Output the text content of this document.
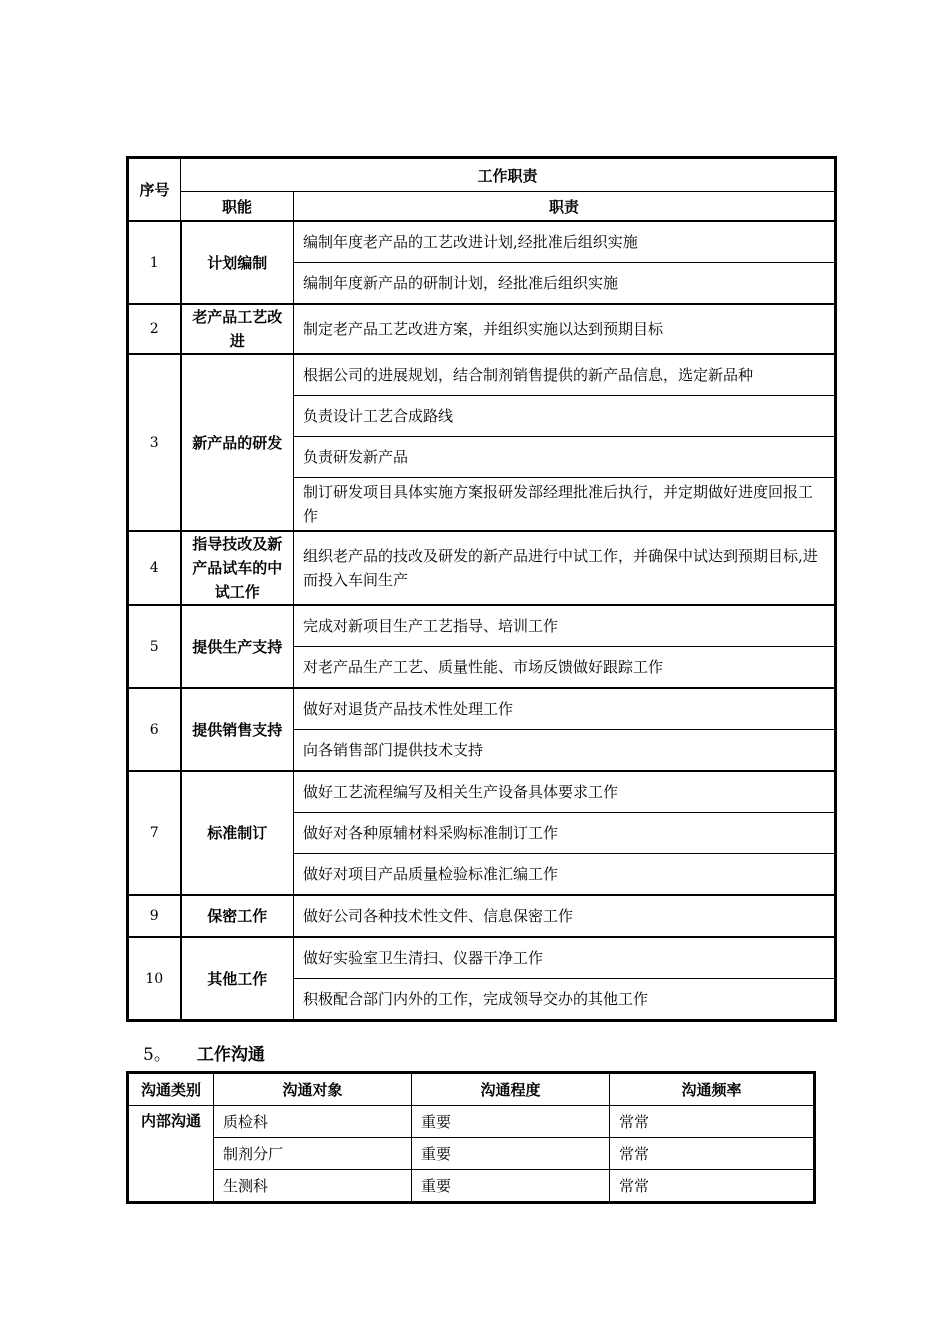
序号	工作职责	
	职能	职责
1	计划编制	编制年度老产品的工艺改进计划,经批准后组织实施
		编制年度新产品的研制计划，经批准后组织实施
2	老产品工艺改进	制定老产品工艺改进方案，并组织实施以达到预期目标
3	新产品的研发	根据公司的进展规划，结合制剂销售提供的新产品信息，选定新品种
		负责设计工艺合成路线
		负责研发新产品
		制订研发项目具体实施方案报研发部经理批准后执行，并定期做好进度回报工作
4	指导技改及新产品试车的中试工作	组织老产品的技改及研发的新产品进行中试工作，并确保中试达到预期目标,进而投入车间生产
5	提供生产支持	完成对新项目生产工艺指导、培训工作
		对老产品生产工艺、质量性能、市场反馈做好跟踪工作
6	提供销售支持	做好对退货产品技术性处理工作
		向各销售部门提供技术支持
7	标准制订	做好工艺流程编写及相关生产设备具体要求工作
		做好对各种原辅材料采购标准制订工作
		做好对项目产品质量检验标准汇编工作
9	保密工作	做好公司各种技术性文件、信息保密工作
10	其他工作	做好实验室卫生清扫、仪器干净工作
		积极配合部门内外的工作，完成领导交办的其他工作
5。 工作沟通
沟通类别	沟通对象	沟通程度	沟通频率
内部沟通	质检科	重要	常常
	制剂分厂	重要	常常
	生测科	重要	常常
